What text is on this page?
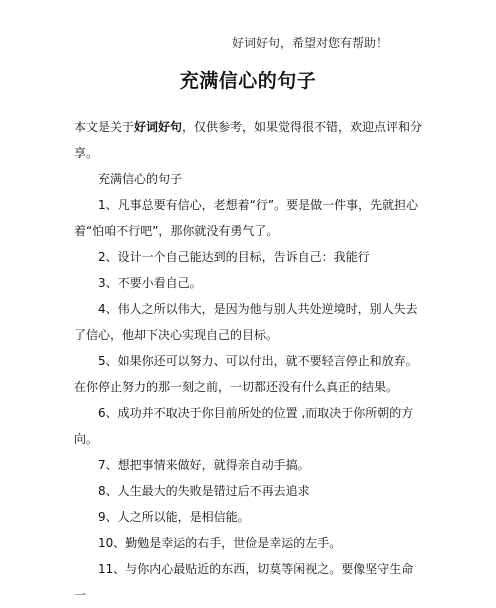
好词好句，希望对您有帮助！
充满信心的句子

本文是关于好词好句，仅供参考，如果觉得很不错，欢迎点评和分享。

充满信心的句子

1、凡事总要有信心，老想着“行”。要是做一件事，先就担心着“怕咱不行吧”，那你就没有勇气了。

2、设计一个自己能达到的目标，告诉自己：我能行

3、不要小看自己。

4、伟人之所以伟大，是因为他与别人共处逆境时，别人失去了信心，他却下决心实现自己的目标。

5、如果你还可以努力、可以付出，就不要轻言停止和放弃。在你停止努力的那一刻之前，一切都还没有什么真正的结果。

6、成功并不取决于你目前所处的位置 ,而取决于你所朝的方向。

7、想把事情来做好，就得亲自动手搞。

8、人生最大的失败是错过后不再去追求

9、人之所以能，是相信能。

10、勤勉是幸运的右手，世俭是幸运的左手。

11、与你内心最贴近的东西，切莫等闲视之。要像坚守生命一
